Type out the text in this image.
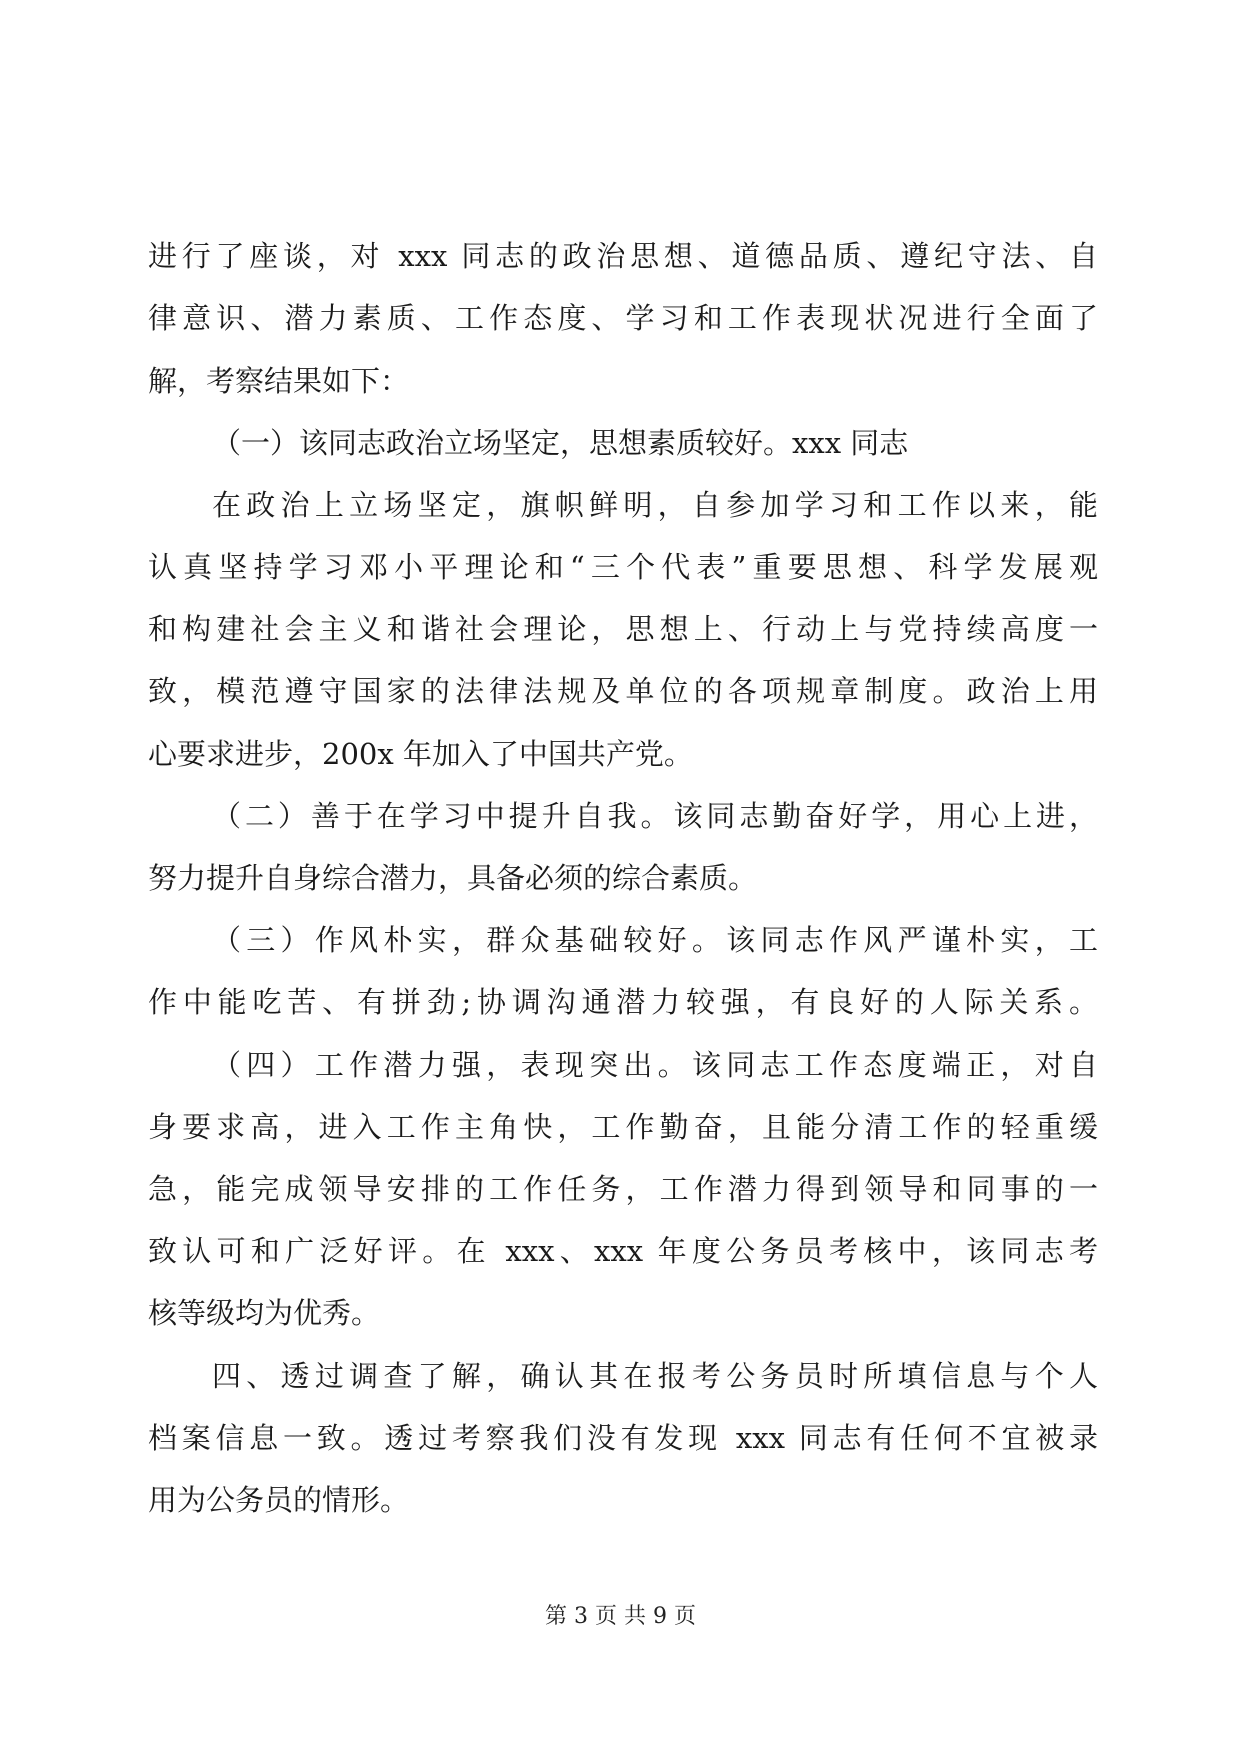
进行了座谈，对 xxx 同志的政治思想、道德品质、遵纪守法、自

律意识、潜力素质、工作态度、学习和工作表现状况进行全面了

解，考察结果如下：

（一）该同志政治立场坚定，思想素质较好。xxx 同志

在政治上立场坚定，旗帜鲜明，自参加学习和工作以来，能

认真坚持学习邓小平理论和“三个代表”重要思想、科学发展观

和构建社会主义和谐社会理论，思想上、行动上与党持续高度一

致，模范遵守国家的法律法规及单位的各项规章制度。政治上用

心要求进步，200x 年加入了中国共产党。

（二）善于在学习中提升自我。该同志勤奋好学，用心上进，

努力提升自身综合潜力，具备必须的综合素质。

（三）作风朴实，群众基础较好。该同志作风严谨朴实，工

作中能吃苦、有拼劲;协调沟通潜力较强，有良好的人际关系。

（四）工作潜力强，表现突出。该同志工作态度端正，对自

身要求高，进入工作主角快，工作勤奋，且能分清工作的轻重缓

急，能完成领导安排的工作任务，工作潜力得到领导和同事的一

致认可和广泛好评。在 xxx、xxx 年度公务员考核中，该同志考

核等级均为优秀。

四、透过调查了解，确认其在报考公务员时所填信息与个人

档案信息一致。透过考察我们没有发现 xxx 同志有任何不宜被录

用为公务员的情形。

第 3 页 共 9 页
